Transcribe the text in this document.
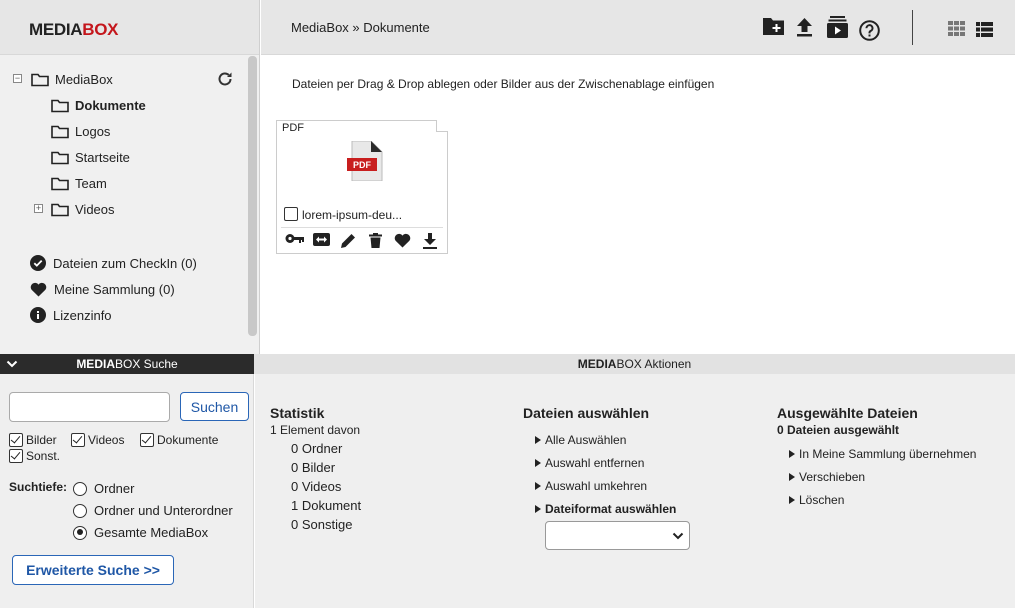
MEDIABOX
−	MediaBox
Dokumente
Logos
Startseite
Team
+	Videos
Dateien zum CheckIn (0)
Meine Sammlung (0)
Lizenzinfo
MediaBox » Dokumente
Dateien per Drag & Drop ablegen oder Bilder aus der Zwischenablage einfügen
PDF
PDF
lorem-ipsum-deu...
MEDIABOX Suche	MEDIABOX Aktionen
Suchen
Bilder	Videos	Dokumente
Sonst.
Suchtiefe: Ordner
Ordner und Unterordner
Gesamte MediaBox
Erweiterte Suche >>
Statistik
1 Element davon
0 Ordner
0 Bilder
0 Videos
1 Dokument
0 Sonstige
Dateien auswählen
Alle Auswählen
Auswahl entfernen
Auswahl umkehren
Dateiformat auswählen
Ausgewählte Dateien
0 Dateien ausgewählt
In Meine Sammlung übernehmen
Verschieben
Löschen
